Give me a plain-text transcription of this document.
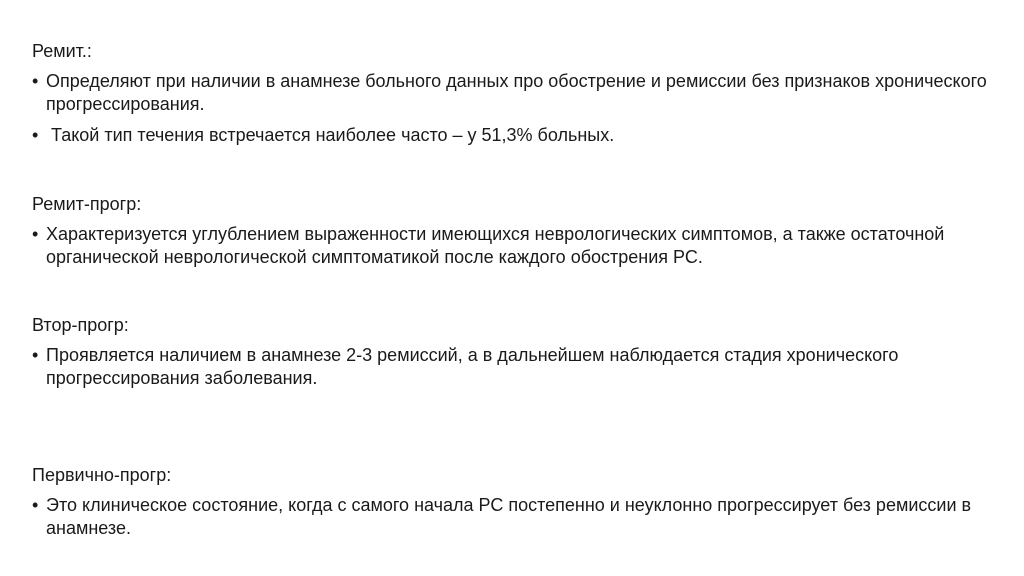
Ремит.:
• Определяют при наличии в анамнезе больного данных про обострение и ремиссии без признаков хронического прогрессирования.
• Такой тип течения встречается наиболее часто – у 51,3% больных.
Ремит-прогр:
• Характеризуется углублением выраженности имеющихся неврологических симптомов, а также остаточной органической неврологической симптоматикой после каждого обострения РС.
Втор-прогр:
• Проявляется наличием в анамнезе 2-3 ремиссий, а в дальнейшем наблюдается стадия хронического прогрессирования заболевания.
Первично-прогр:
• Это клиническое состояние, когда с самого начала РС постепенно и неуклонно прогрессирует без ремиссии в анамнезе.
